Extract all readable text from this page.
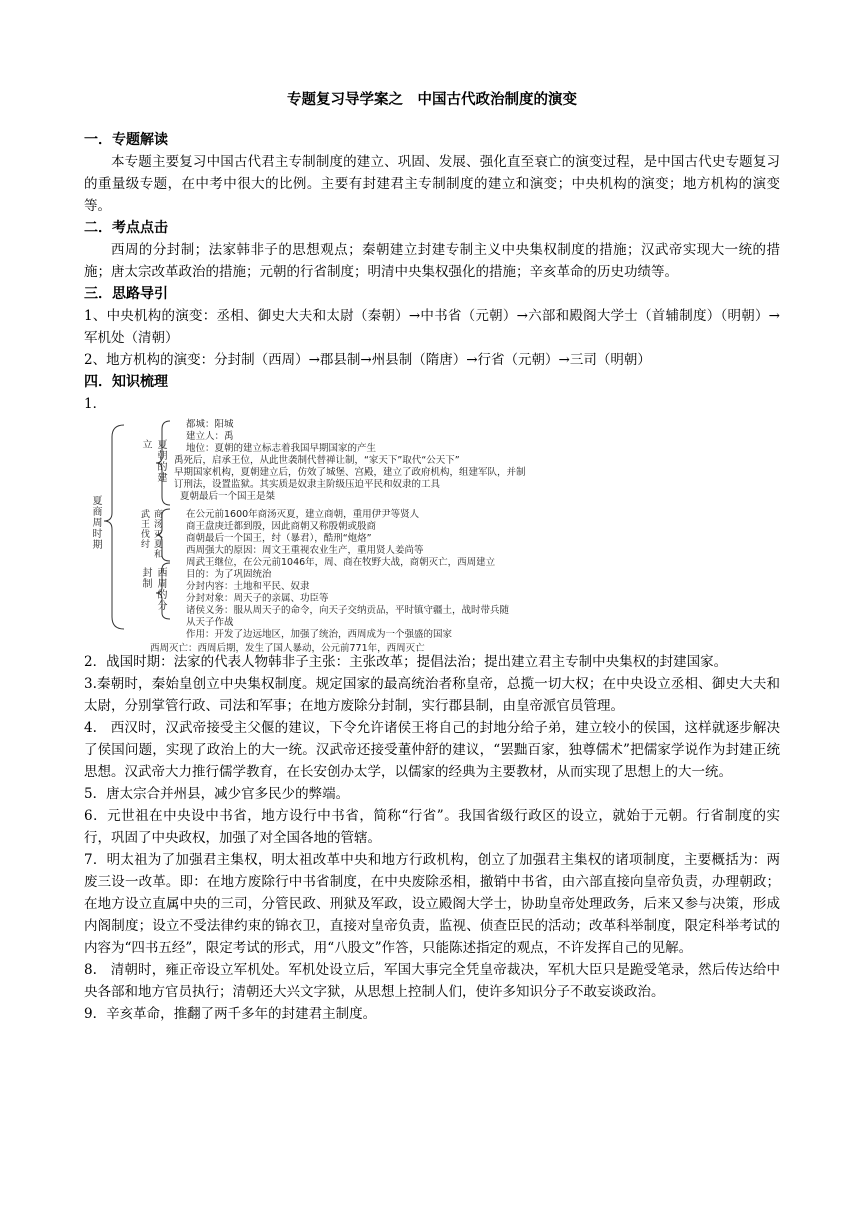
专题复习导学案之　中国古代政治制度的演变
一．专题解读

本专题主要复习中国古代君主专制制度的建立、巩固、发展、强化直至衰亡的演变过程，是中国古代史专题复习的重量级专题，在中考中很大的比例。主要有封建君主专制制度的建立和演变；中央机构的演变；地方机构的演变等。

二．考点点击

西周的分封制；法家韩非子的思想观点；秦朝建立封建专制主义中央集权制度的措施；汉武帝实现大一统的措施；唐太宗改革政治的措施；元朝的行省制度；明清中央集权强化的措施；辛亥革命的历史功绩等。

三．思路导引

1、中央机构的演变：丞相、御史大夫和太尉（秦朝）→中书省（元朝）→六部和殿阁大学士（首辅制度）（明朝）→军机处（清朝）

2、地方机构的演变：分封制（西周）→郡县制→州县制（隋唐）→行省（元朝）→三司（明朝）

四．知识梳理

1．

夏商周时期
夏朝的建立
都城：阳城
建立人：禹
地位：夏朝的建立标志着我国早期国家的产生
禹死后，启承王位，从此世袭制代替禅让制，“家天下”取代“公天下”
早期国家机构，夏朝建立后，仿效了城堡、宫殿，建立了政府机构，组建军队，并制
订刑法，设置监狱。其实质是奴隶主阶级压迫平民和奴隶的工具
夏朝最后一个国王是桀
商汤灭夏和武王伐纣	在公元前1600年商汤灭夏，建立商朝，重用伊尹等贤人
商王盘庚迁都到殷，因此商朝又称殷朝或殷商
商朝最后一个国王，纣（暴君），酷刑“炮烙”
西周强大的原因：周文王重视农业生产，重用贤人姜尚等
周武王继位，在公元前1046年，周、商在牧野大战，商朝灭亡，西周建立
西周的分封制	目的：为了巩固统治
分封内容：土地和平民、奴隶
分封对象：周天子的亲属、功臣等
诸侯义务：服从周天子的命令，向天子交纳贡品，平时镇守疆土，战时带兵随
从天子作战
作用：开发了边远地区，加强了统治，西周成为一个强盛的国家
西周灭亡：西周后期，发生了国人暴动，公元前771年，西周灭亡

2．战国时期：法家的代表人物韩非子主张：主张改革；提倡法治；提出建立君主专制中央集权的封建国家。

3.秦朝时，秦始皇创立中央集权制度。规定国家的最高统治者称皇帝，总揽一切大权；在中央设立丞相、御史大夫和太尉，分别掌管行政、司法和军事；在地方废除分封制，实行郡县制，由皇帝派官员管理。

4.　西汉时，汉武帝接受主父偃的建议，下令允许诸侯王将自己的封地分给子弟，建立较小的侯国，这样就逐步解决了侯国问题，实现了政治上的大一统。汉武帝还接受董仲舒的建议，“罢黜百家，独尊儒术”把儒家学说作为封建正统思想。汉武帝大力推行儒学教育，在长安创办太学，以儒家的经典为主要教材，从而实现了思想上的大一统。

5．唐太宗合并州县，减少官多民少的弊端。

6．元世祖在中央设中书省，地方设行中书省，简称“行省”。我国省级行政区的设立，就始于元朝。行省制度的实行，巩固了中央政权，加强了对全国各地的管辖。

7．明太祖为了加强君主集权，明太祖改革中央和地方行政机构，创立了加强君主集权的诸项制度，主要概括为：两废三设一改革。即：在地方废除行中书省制度，在中央废除丞相，撤销中书省，由六部直接向皇帝负责，办理朝政；在地方设立直属中央的三司，分管民政、刑狱及军政，设立殿阁大学士，协助皇帝处理政务，后来又参与决策，形成内阁制度；设立不受法律约束的锦衣卫，直接对皇帝负责，监视、侦查臣民的活动；改革科举制度，限定科举考试的内容为“四书五经”，限定考试的形式，用“八股文”作答，只能陈述指定的观点，不许发挥自己的见解。

8.　清朝时，雍正帝设立军机处。军机处设立后，军国大事完全凭皇帝裁决，军机大臣只是跪受笔录，然后传达给中央各部和地方官员执行；清朝还大兴文字狱，从思想上控制人们，使许多知识分子不敢妄谈政治。

9．辛亥革命，推翻了两千多年的封建君主制度。
